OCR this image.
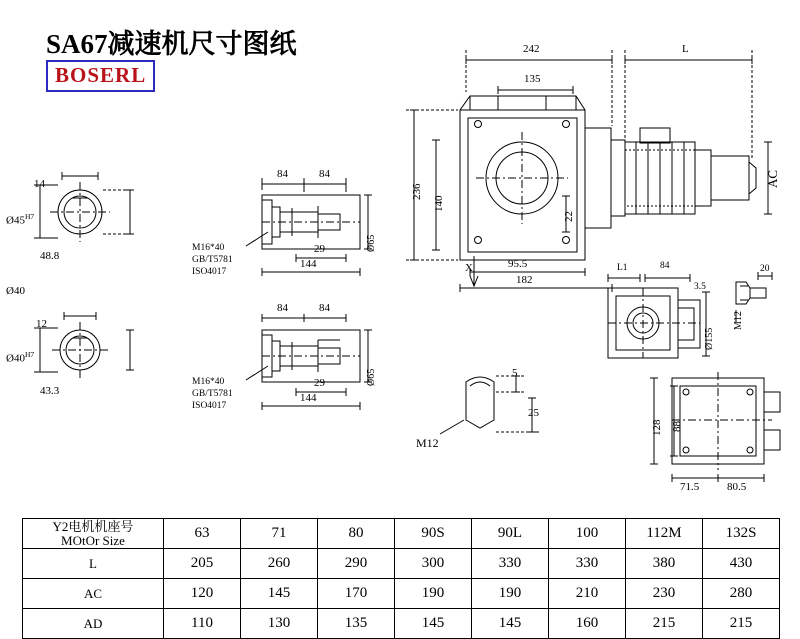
SA67减速机尺寸图纸
BOSERL
242	L
135
236
140
22
AC
95.5
182
X	L1	84
3.5
Ø155
20
M12
128 88
71.5	80.5
5
25
M12
14
$Ø45^{H7}$
48.8
Ø40
12
$Ø40^{H7}$
43.3
84	84
29
144
Ø65
M16*40
GB/T5781
ISO4017
84	84
29
144
Ø65
M16*40
GB/T5781
ISO4017
Y2电机机座号
MOtOr Size	63	71	80	90S	90L	100	112M	132S
L	205	260	290	300	330	330	380	430
AC	120	145	170	190	190	210	230	280
AD	110	130	135	145	145	160	215	215
